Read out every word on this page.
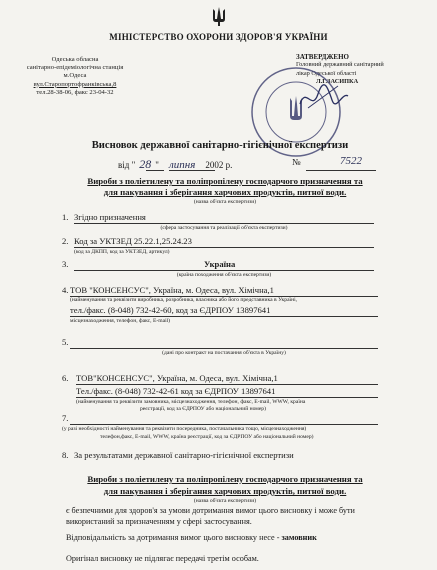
МІНІСТЕРСТВО ОХОРОНИ ЗДОРОВ'Я УКРАЇНИ
Одеська обласна
санітарно-епідеміологічна станція
м.Одеса
вул.Старопортофранківська,8
тел.28-38-06, факс 23-04-32
ЗАТВЕРДЖЕНО
Головний державний санітарний
лікар Одеської області
Л.Г.ЗАСИПКА
Висновок державної санітарно-гігієнічної експертизи
від " 28 " липня 2002 р.	№	7522
Вироби з поліетилену та поліпропілену господарчого призначення та
для пакування і зберігання харчових продуктів, питної води.
(назва об'єкта експертизи)
1. Згідно призначення
(сфера застосування та реалізації об'єкта експертизи)
2. Код за УКТЗЕД 25.22.1,25.24.23
(код за ДКПП, код за УКТЗЕД, артикул)
3.	Україна
(країна походження об'єкта експертизи)
4. ТОВ "КОНСЕНСУС", Україна, м. Одеса, вул. Хімічна,1
(найменування та реквізити виробника, розробника, власника або його представника в Україні,
тел./факс. (8-048) 732-42-60, код за ЄДРПОУ 13897641
місцезнаходження, телефон, факс, E-mail)
5.
(дані про контракт на постачання об'єкта в Україну)
6. ТОВ"КОНСЕНСУС", Україна, м. Одеса, вул. Хімічна,1
Тел./факс. (8-048) 732-42-61 код за ЄДРПОУ 13897641
(найменування та реквізити замовника, місцезнаходження, телефон, факс, E-mail, WWW, країна
реєстрації, код за ЄДРПОУ або національний номер)
7.
(у разі необхідності найменування та реквізити посередника, постачальника тощо, місцезнаходження)
телефон,факс, E-mail, WWW, країна реєстрації, код за ЄДРПОУ або національний номер)
8. За результатами державної санітарно-гігієнічної експертизи
Вироби з поліетилену та поліпропілену господарчого призначення та
для пакування і зберігання харчових продуктів, питної води.
(назва об'єкта експертизи)
є безпечними для здоров'я за умови дотримання вимог цього висновку і може бути
використаний за призначенням у сфері застосування.
Відповідальність за дотримання вимог цього висновку несе - замовник
Оригінал висновку не підлягає передачі третім особам.
